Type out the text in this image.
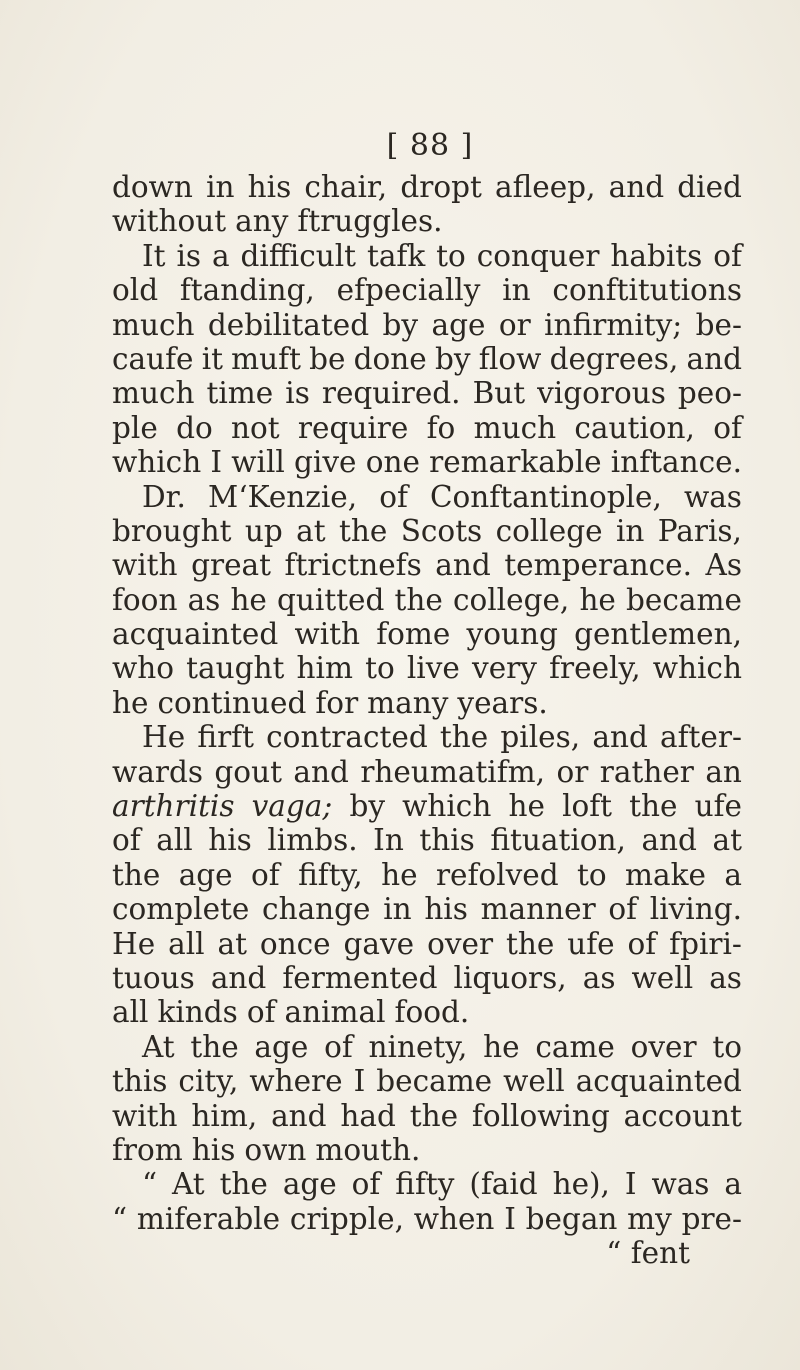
[ 88 ]
down in his chair, dropt afleep, and died
without any ftruggles.
It is a difficult tafk to conquer habits of
old ftanding, efpecially in conftitutions
much debilitated by age or infirmity; be-
caufe it muft be done by flow degrees, and
much time is required. But vigorous peo-
ple do not require fo much caution, of
which I will give one remarkable inftance.
Dr. M‘Kenzie, of Conftantinople, was
brought up at the Scots college in Paris,
with great ftrictnefs and temperance. As
foon as he quitted the college, he became
acquainted with fome young gentlemen,
who taught him to live very freely, which
he continued for many years.
He firft contracted the piles, and after-
wards gout and rheumatifm, or rather an
arthritis vaga; by which he loft the ufe
of all his limbs. In this fituation, and at
the age of fifty, he refolved to make a
complete change in his manner of living.
He all at once gave over the ufe of fpiri-
tuous and fermented liquors, as well as
all kinds of animal food.
At the age of ninety, he came over to
this city, where I became well acquainted
with him, and had the following account
from his own mouth.
“ At the age of fifty (faid he), I was a
“ miferable cripple, when I began my pre-
“ fent
